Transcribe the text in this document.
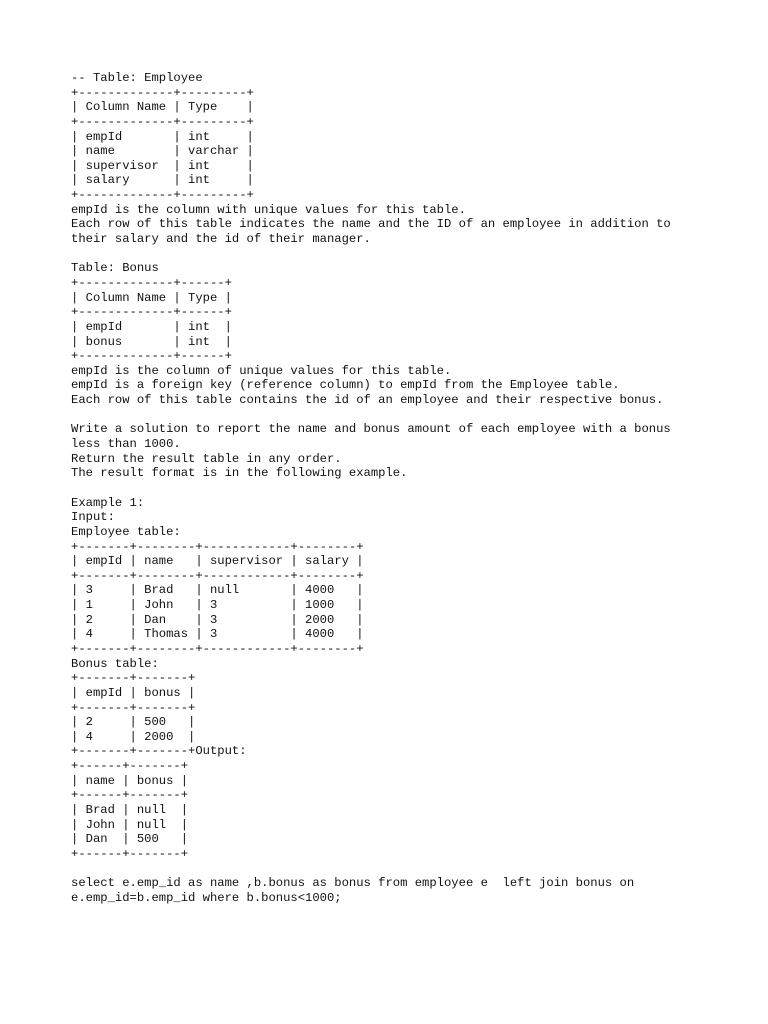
-- Table: Employee
+-------------+---------+
| Column Name | Type    |
+-------------+---------+
| empId       | int     |
| name        | varchar |
| supervisor  | int     |
| salary      | int     |
+-------------+---------+
empId is the column with unique values for this table.
Each row of this table indicates the name and the ID of an employee in addition to
their salary and the id of their manager.
Table: Bonus
+-------------+------+
| Column Name | Type |
+-------------+------+
| empId       | int  |
| bonus       | int  |
+-------------+------+
empId is the column of unique values for this table.
empId is a foreign key (reference column) to empId from the Employee table.
Each row of this table contains the id of an employee and their respective bonus.
Write a solution to report the name and bonus amount of each employee with a bonus
less than 1000.
Return the result table in any order.
The result format is in the following example.
Example 1:
Input:
Employee table:
+-------+--------+------------+--------+
| empId | name   | supervisor | salary |
+-------+--------+------------+--------+
| 3     | Brad   | null       | 4000   |
| 1     | John   | 3          | 1000   |
| 2     | Dan    | 3          | 2000   |
| 4     | Thomas | 3          | 4000   |
+-------+--------+------------+--------+
Bonus table:
+-------+-------+
| empId | bonus |
+-------+-------+
| 2     | 500   |
| 4     | 2000  |
+-------+-------+Output:
+------+-------+
| name | bonus |
+------+-------+
| Brad | null  |
| John | null  |
| Dan  | 500   |
+------+-------+
select e.emp_id as name ,b.bonus as bonus from employee e  left join bonus on
e.emp_id=b.emp_id where b.bonus<1000;
